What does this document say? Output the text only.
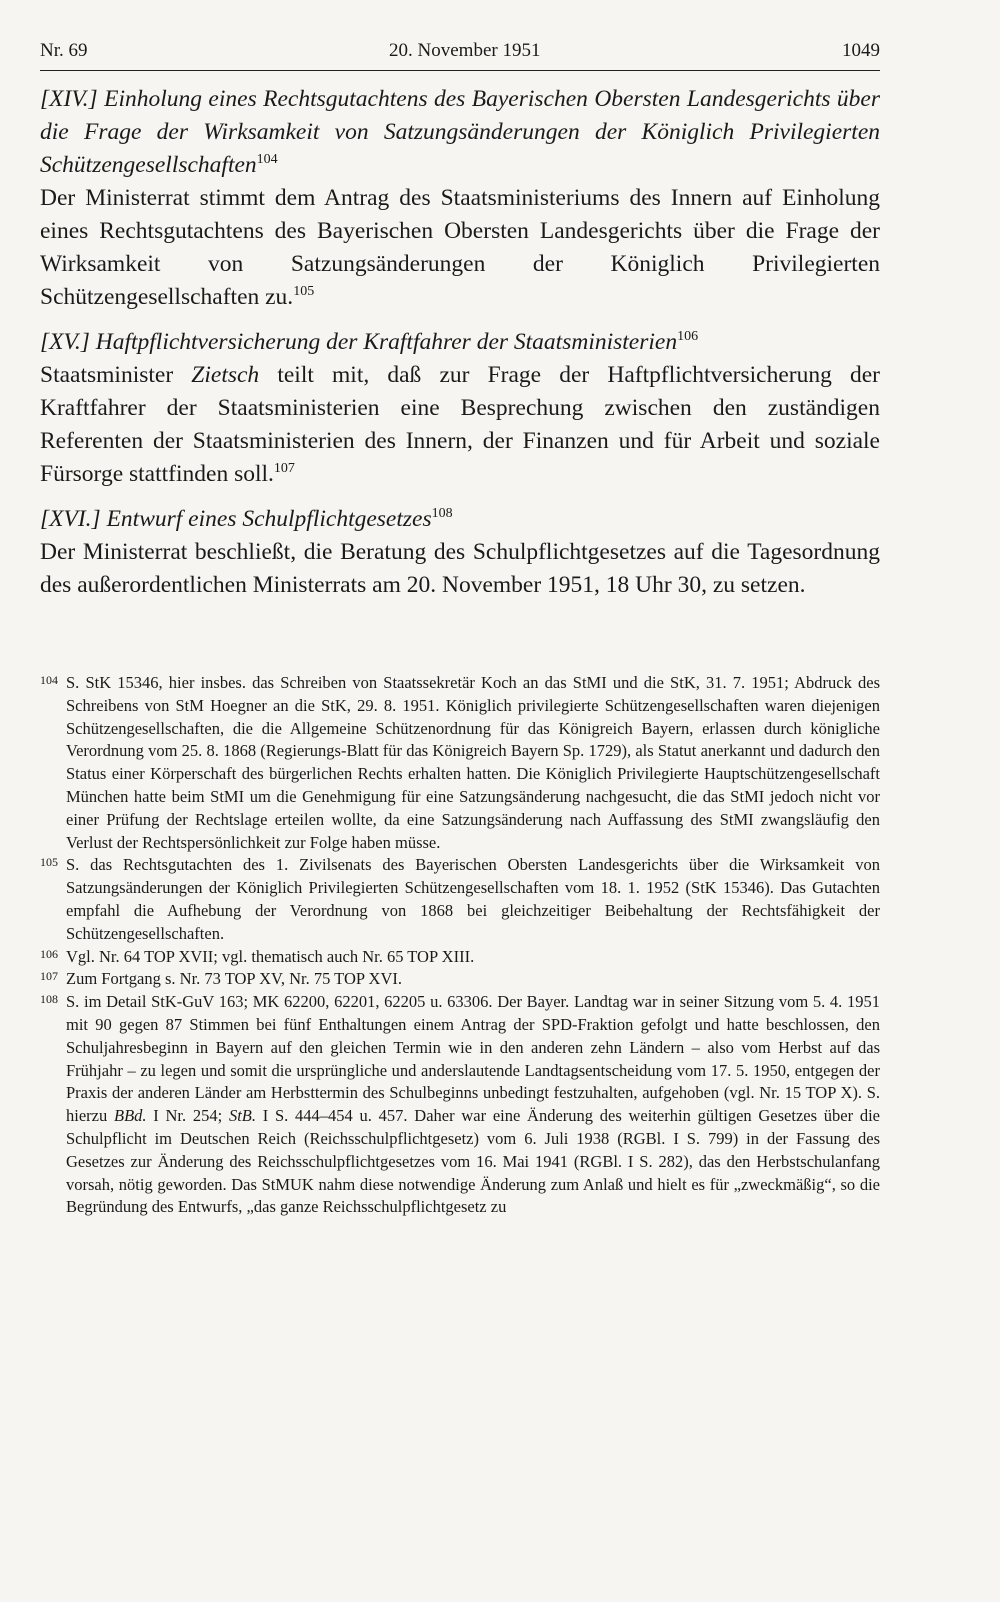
Nr. 69	20. November 1951	1049
[XIV.] Einholung eines Rechtsgutachtens des Bayerischen Obersten Landesgerichts über die Frage der Wirksamkeit von Satzungsänderungen der Königlich Privilegierten Schützengesellschaften$^{104}$
Der Ministerrat stimmt dem Antrag des Staatsministeriums des Innern auf Einholung eines Rechtsgutachtens des Bayerischen Obersten Landesgerichts über die Frage der Wirksamkeit von Satzungsänderungen der Königlich Privilegierten Schützengesellschaften zu.$^{105}$
[XV.] Haftpflichtversicherung der Kraftfahrer der Staatsministerien$^{106}$
Staatsminister Zietsch teilt mit, daß zur Frage der Haftpflichtversicherung der Kraftfahrer der Staatsministerien eine Besprechung zwischen den zuständigen Referenten der Staatsministerien des Innern, der Finanzen und für Arbeit und soziale Fürsorge stattfinden soll.$^{107}$
[XVI.] Entwurf eines Schulpflichtgesetzes$^{108}$
Der Ministerrat beschließt, die Beratung des Schulpflichtgesetzes auf die Tagesordnung des außerordentlichen Ministerrats am 20. November 1951, 18 Uhr 30, zu setzen.
104 S. StK 15346, hier insbes. das Schreiben von Staatssekretär Koch an das StMI und die StK, 31. 7. 1951; Abdruck des Schreibens von StM Hoegner an die StK, 29. 8. 1951. Königlich privilegierte Schützengesellschaften waren diejenigen Schützengesellschaften, die die Allgemeine Schützenordnung für das Königreich Bayern, erlassen durch königliche Verordnung vom 25. 8. 1868 (Regierungs-Blatt für das Königreich Bayern Sp. 1729), als Statut anerkannt und dadurch den Status einer Körperschaft des bürgerlichen Rechts erhalten hatten. Die Königlich Privilegierte Hauptschützengesellschaft München hatte beim StMI um die Genehmigung für eine Satzungsänderung nachgesucht, die das StMI jedoch nicht vor einer Prüfung der Rechtslage erteilen wollte, da eine Satzungsänderung nach Auffassung des StMI zwangsläufig den Verlust der Rechtspersönlichkeit zur Folge haben müsse.
105 S. das Rechtsgutachten des 1. Zivilsenats des Bayerischen Obersten Landesgerichts über die Wirksamkeit von Satzungsänderungen der Königlich Privilegierten Schützengesellschaften vom 18. 1. 1952 (StK 15346). Das Gutachten empfahl die Aufhebung der Verordnung von 1868 bei gleichzeitiger Beibehaltung der Rechtsfähigkeit der Schützengesellschaften.
106 Vgl. Nr. 64 TOP XVII; vgl. thematisch auch Nr. 65 TOP XIII.
107 Zum Fortgang s. Nr. 73 TOP XV, Nr. 75 TOP XVI.
108 S. im Detail StK-GuV 163; MK 62200, 62201, 62205 u. 63306. Der Bayer. Landtag war in seiner Sitzung vom 5. 4. 1951 mit 90 gegen 87 Stimmen bei fünf Enthaltungen einem Antrag der SPD-Fraktion gefolgt und hatte beschlossen, den Schuljahresbeginn in Bayern auf den gleichen Termin wie in den anderen zehn Ländern – also vom Herbst auf das Frühjahr – zu legen und somit die ursprüngliche und anderslautende Landtagsentscheidung vom 17. 5. 1950, entgegen der Praxis der anderen Länder am Herbsttermin des Schulbeginns unbedingt festzuhalten, aufgehoben (vgl. Nr. 15 TOP X). S. hierzu BBd. I Nr. 254; StB. I S. 444–454 u. 457. Daher war eine Änderung des weiterhin gültigen Gesetzes über die Schulpflicht im Deutschen Reich (Reichsschulpflichtgesetz) vom 6. Juli 1938 (RGBl. I S. 799) in der Fassung des Gesetzes zur Änderung des Reichsschulpflichtgesetzes vom 16. Mai 1941 (RGBl. I S. 282), das den Herbstschulanfang vorsah, nötig geworden. Das StMUK nahm diese notwendige Änderung zum Anlaß und hielt es für „zweckmäßig“, so die Begründung des Entwurfs, „das ganze Reichsschulpflichtgesetz zu
